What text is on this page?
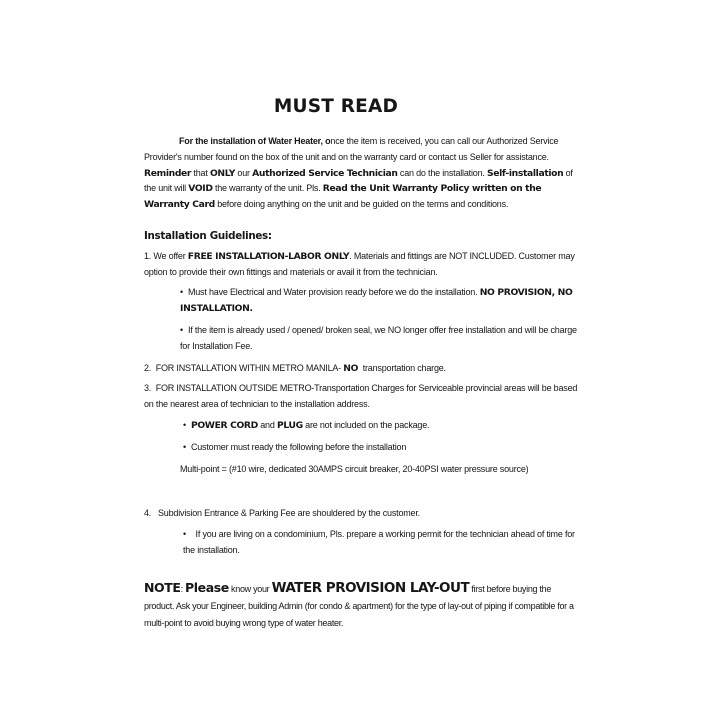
MUST READ

For the installation of Water Heater, once the item is received, you can call our Authorized Service Provider's number found on the box of the unit and on the warranty card or contact us Seller for assistance. Reminder that ONLY our Authorized Service Technician can do the installation. Self-installation of the unit will VOID the warranty of the unit. Pls. Read the Unit Warranty Policy written on the Warranty Card before doing anything on the unit and be guided on the terms and conditions.

Installation Guidelines:

1. We offer FREE INSTALLATION-LABOR ONLY. Materials and fittings are NOT INCLUDED. Customer may option to provide their own fittings and materials or avail it from the technician.

• Must have Electrical and Water provision ready before we do the installation. NO PROVISION, NO INSTALLATION.
• If the item is already used / opened/ broken seal, we NO longer offer free installation and will be charge for Installation Fee.

2.  FOR INSTALLATION WITHIN METRO MANILA- NO  transportation charge.

3.  FOR INSTALLATION OUTSIDE METRO-Transportation Charges for Serviceable provincial areas will be based on the nearest area of technician to the installation address.

• POWER CORD and PLUG are not included on the package.
• Customer must ready the following before the installation

Multi-point = (#10 wire, dedicated 30AMPS circuit breaker, 20-40PSI water pressure source)

4.   Subdivision Entrance & Parking Fee are shouldered by the customer.

•  If you are living on a condominium, Pls. prepare a working permit for the technician ahead of time for the installation.

NOTE: Please know your WATER PROVISION LAY-OUT first before buying the product. Ask your Engineer, building Admin (for condo & apartment) for the type of lay-out of piping if compatible for a multi-point to avoid buying wrong type of water heater.
